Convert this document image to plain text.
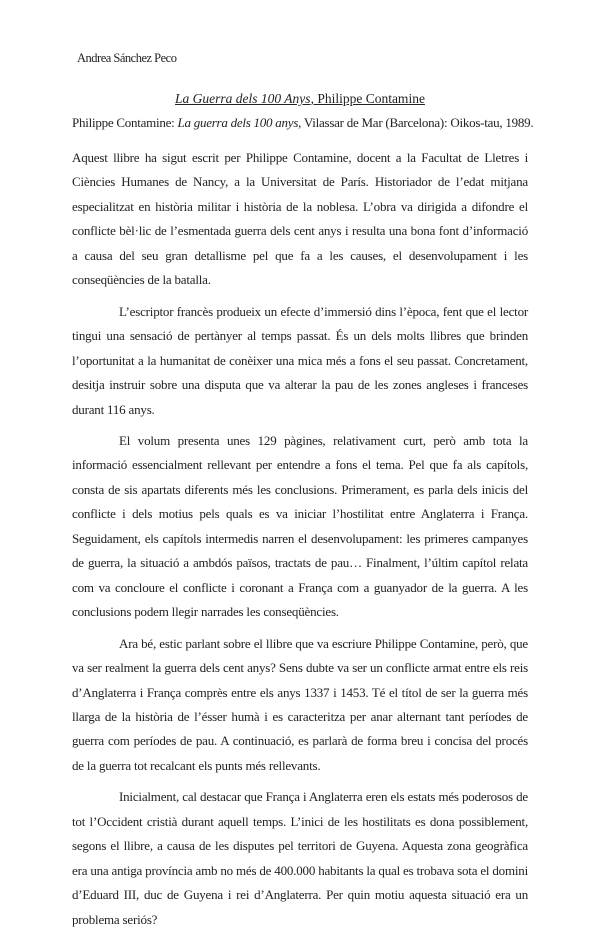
Andrea Sánchez Peco
La Guerra dels 100 Anys, Philippe Contamine
Philippe Contamine: La guerra dels 100 anys, Vilassar de Mar (Barcelona): Oikos-tau, 1989.

Aquest llibre ha sigut escrit per Philippe Contamine, docent a la Facultat de Lletres i Ciències Humanes de Nancy, a la Universitat de París. Historiador de l’edat mitjana especialitzat en història militar i història de la noblesa. L’obra va dirigida a difondre el conflicte bèl·lic de l’esmentada guerra dels cent anys i resulta una bona font d’informació a causa del seu gran detallisme pel que fa a les causes, el desenvolupament i les conseqüències de la batalla.

L’escriptor francès produeix un efecte d’immersió dins l’època, fent que el lector tingui una sensació de pertànyer al temps passat. És un dels molts llibres que brinden l’oportunitat a la humanitat de conèixer una mica més a fons el seu passat. Concretament, desitja instruir sobre una disputa que va alterar la pau de les zones angleses i franceses durant 116 anys.

El volum presenta unes 129 pàgines, relativament curt, però amb tota la informació essencialment rellevant per entendre a fons el tema. Pel que fa als capítols, consta de sis apartats diferents més les conclusions. Primerament, es parla dels inicis del conflicte i dels motius pels quals es va iniciar l’hostilitat entre Anglaterra i França. Seguidament, els capítols intermedis narren el desenvolupament: les primeres campanyes de guerra, la situació a ambdós països, tractats de pau… Finalment, l’últim capítol relata com va concloure el conflicte i coronant a França com a guanyador de la guerra. A les conclusions podem llegir narrades les conseqüències.

Ara bé, estic parlant sobre el llibre que va escriure Philippe Contamine, però, que va ser realment la guerra dels cent anys? Sens dubte va ser un conflicte armat entre els reis d’Anglaterra i França comprès entre els anys 1337 i 1453. Té el títol de ser la guerra més llarga de la història de l’ésser humà i es caracteritza per anar alternant tant períodes de guerra com períodes de pau. A continuació, es parlarà de forma breu i concisa del procés de la guerra tot recalcant els punts més rellevants.

Inicialment, cal destacar que França i Anglaterra eren els estats més poderosos de tot l’Occident cristià durant aquell temps. L’inici de les hostilitats es dona possiblement, segons el llibre, a causa de les disputes pel territori de Guyena. Aquesta zona geogràfica era una antiga província amb no més de 400.000 habitants la qual es trobava sota el domini d’Eduard III, duc de Guyena i rei d’Anglaterra. Per quin motiu aquesta situació era un problema seriós?
